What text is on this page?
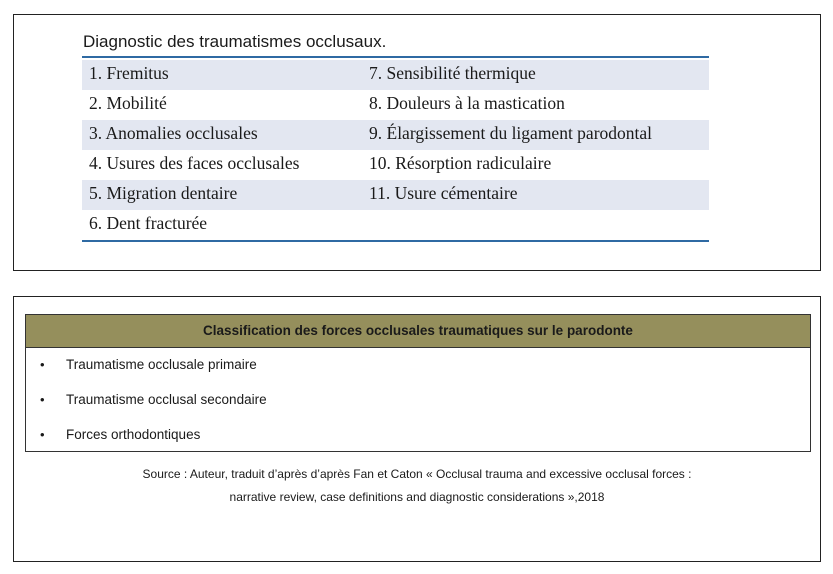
Diagnostic des traumatismes occlusaux.
1. Fremitus	7. Sensibilité thermique
2. Mobilité	8. Douleurs à la mastication
3. Anomalies occlusales	9. Élargissement du ligament parodontal
4. Usures des faces occlusales	10. Résorption radiculaire
5. Migration dentaire	11. Usure cémentaire
6. Dent fracturée
Classification des forces occlusales traumatiques sur le parodonte
• Traumatisme occlusale primaire
• Traumatisme occlusal secondaire
• Forces orthodontiques
Source : Auteur, traduit d’après d’après Fan et Caton « Occlusal trauma and excessive occlusal forces :
narrative review, case definitions and diagnostic considerations »,2018
